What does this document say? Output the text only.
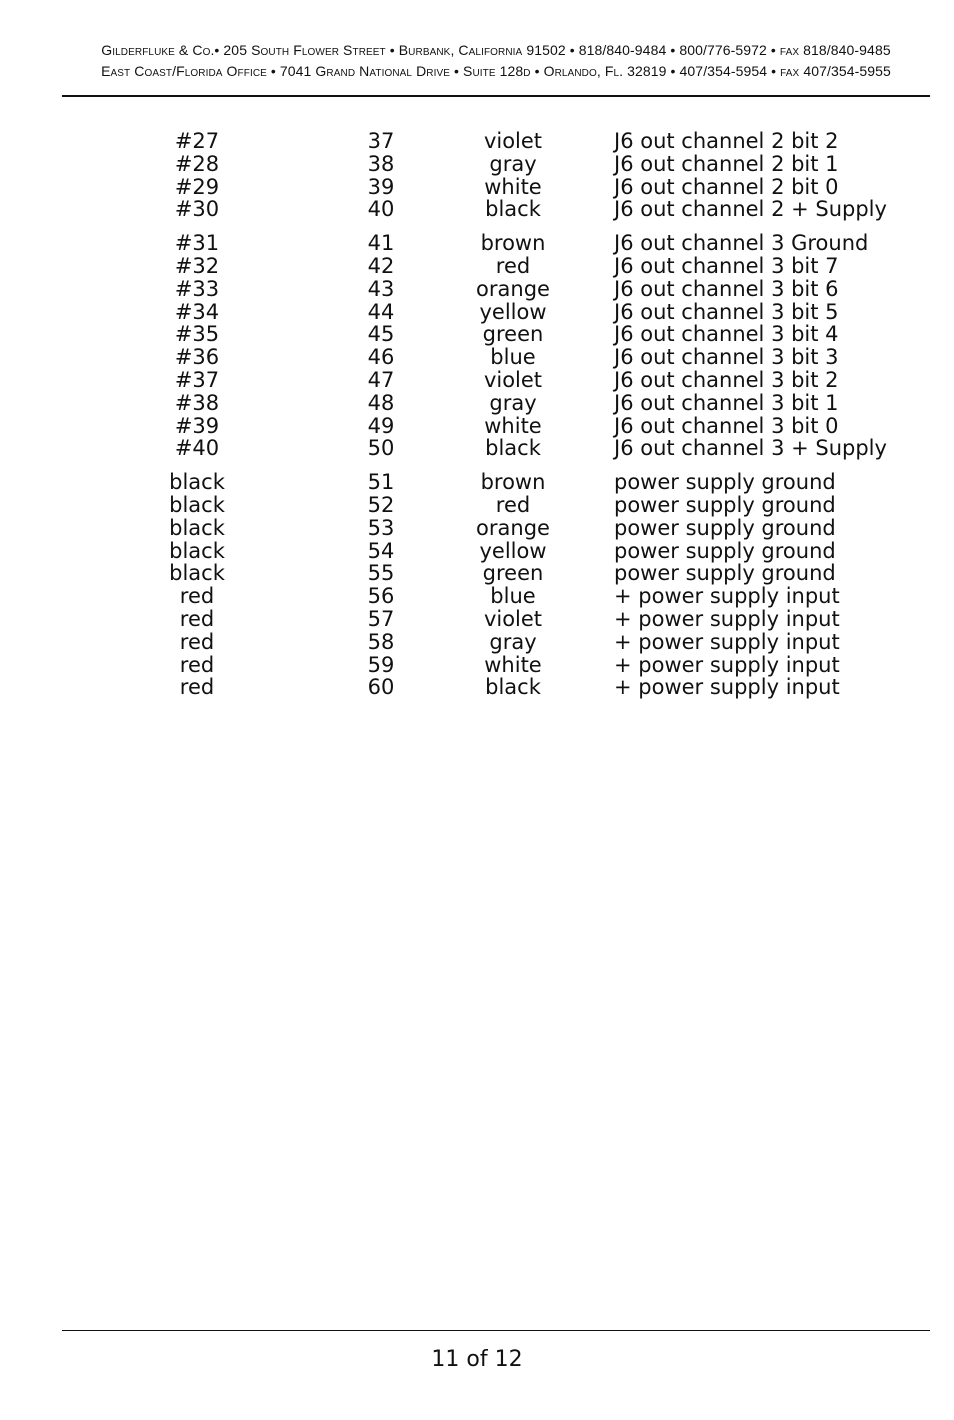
Gilderfluke & Co.• 205 South Flower Street • Burbank, California 91502 • 818/840-9484 • 800/776-5972 • fax 818/840-9485
East Coast/Florida Office • 7041 Grand National Drive • Suite 128d • Orlando, Fl. 32819 • 407/354-5954 • fax 407/354-5955
#27	37	violet	J6 out channel 2 bit 2
#28	38	gray	J6 out channel 2 bit 1
#29	39	white	J6 out channel 2 bit 0
#30	40	black	J6 out channel 2 + Supply
#31	41	brown	J6 out channel 3 Ground
#32	42	red	J6 out channel 3 bit 7
#33	43	orange	J6 out channel 3 bit 6
#34	44	yellow	J6 out channel 3 bit 5
#35	45	green	J6 out channel 3 bit 4
#36	46	blue	J6 out channel 3 bit 3
#37	47	violet	J6 out channel 3 bit 2
#38	48	gray	J6 out channel 3 bit 1
#39	49	white	J6 out channel 3 bit 0
#40	50	black	J6 out channel 3 + Supply
black	51	brown	power supply ground
black	52	red	power supply ground
black	53	orange	power supply ground
black	54	yellow	power supply ground
black	55	green	power supply ground
red	56	blue	+ power supply input
red	57	violet	+ power supply input
red	58	gray	+ power supply input
red	59	white	+ power supply input
red	60	black	+ power supply input
11 of 12
